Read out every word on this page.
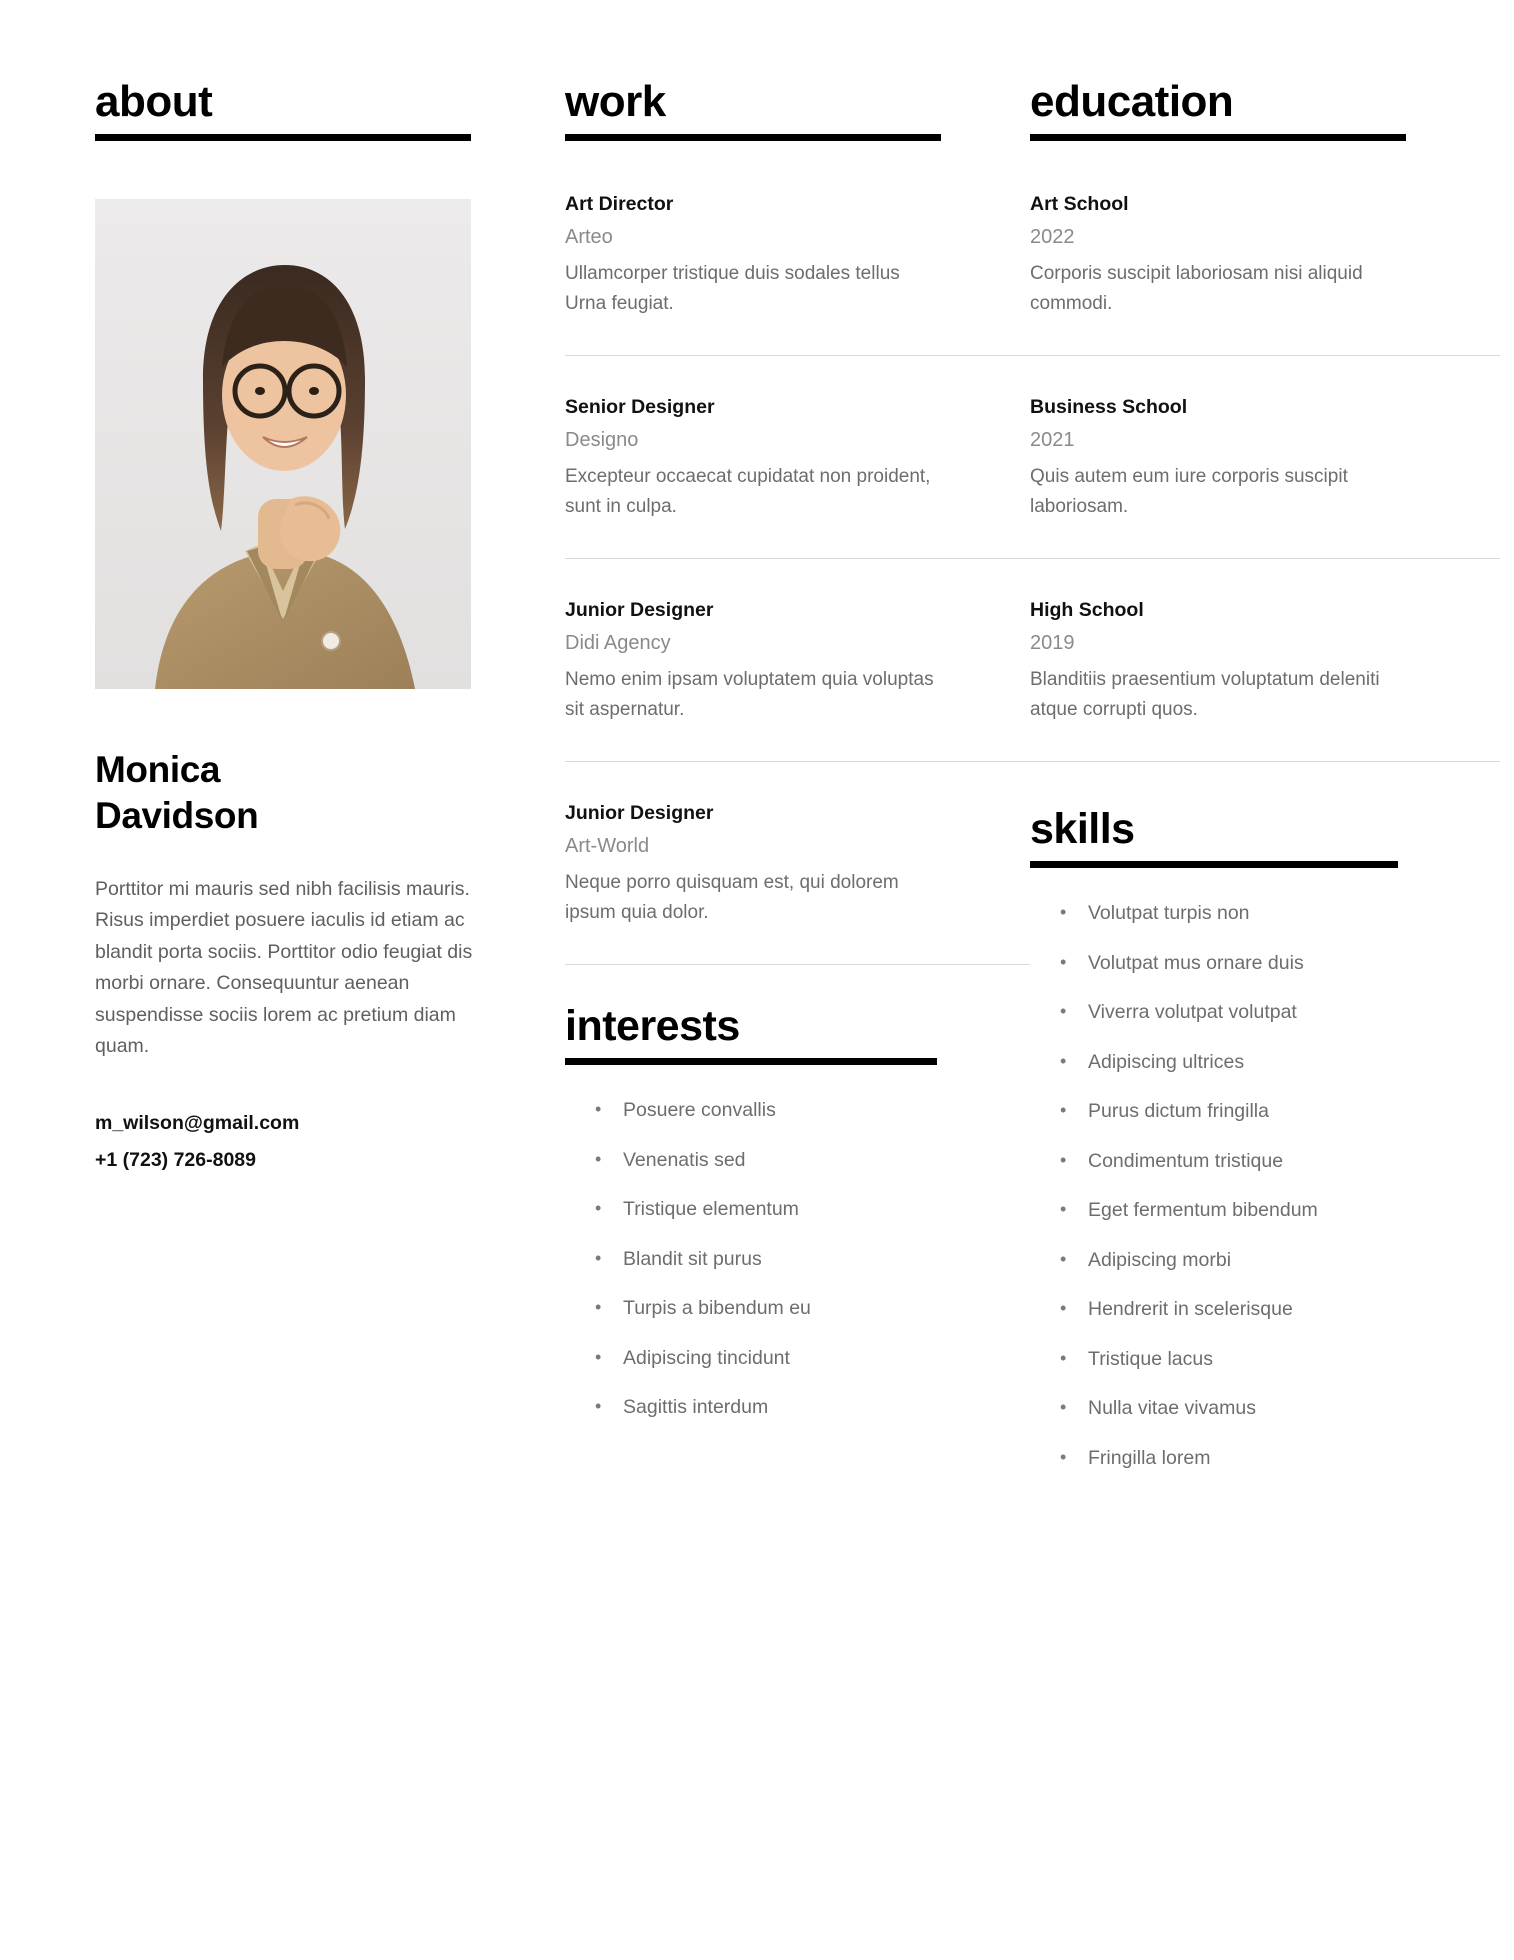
about
Monica
Davidson

Porttitor mi mauris sed nibh facilisis mauris. Risus imperdiet posuere iaculis id etiam ac blandit porta sociis. Porttitor odio feugiat dis morbi ornare. Consequuntur aenean suspendisse sociis lorem ac pretium diam quam.

m_wilson@gmail.com
+1 (723) 726-8089
work
Art Director
Arteo

Ullamcorper tristique duis sodales tellus Urna feugiat.

Senior Designer
Designo

Excepteur occaecat cupidatat non proident, sunt in culpa.

Junior Designer
Didi Agency

Nemo enim ipsam voluptatem quia voluptas sit aspernatur.

Junior Designer
Art-World

Neque porro quisquam est, qui dolorem ipsum quia dolor.

interests
• Posuere convallis
• Venenatis sed
• Tristique elementum
• Blandit sit purus
• Turpis a bibendum eu
• Adipiscing tincidunt
• Sagittis interdum
education
Art School
2022

Corporis suscipit laboriosam nisi aliquid commodi.

Business School
2021

Quis autem eum iure corporis suscipit laboriosam.

High School
2019

Blanditiis praesentium voluptatum deleniti atque corrupti quos.

skills
• Volutpat turpis non
• Volutpat mus ornare duis
• Viverra volutpat volutpat
• Adipiscing ultrices
• Purus dictum fringilla
• Condimentum tristique
• Eget fermentum bibendum
• Adipiscing morbi
• Hendrerit in scelerisque
• Tristique lacus
• Nulla vitae vivamus
• Fringilla lorem
